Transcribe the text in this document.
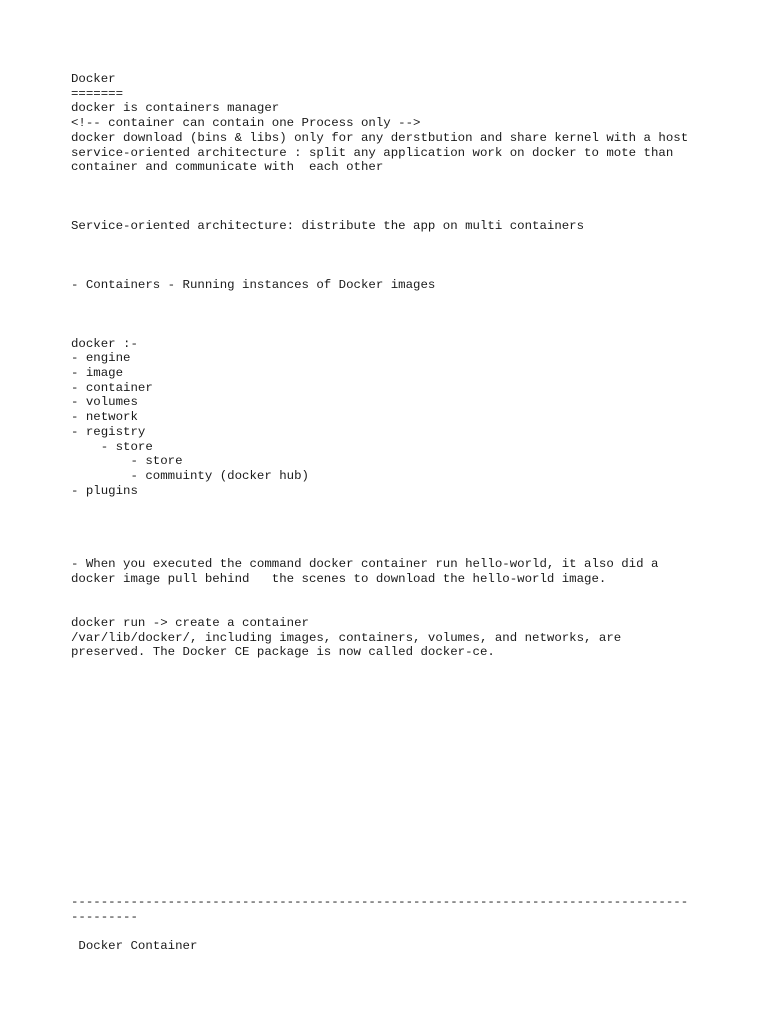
Docker
=======
docker is containers manager
<!-- container can contain one Process only -->
docker download (bins & libs) only for any derstbution and share kernel with a host
service-oriented architecture : split any application work on docker to mote than
container and communicate with  each other

Service-oriented architecture: distribute the app on multi containers

- Containers - Running instances of Docker images

docker :-
- engine
- image
- container
- volumes
- network
- registry
- store
- store
- commuinty (docker hub)
- plugins

- When you executed the command docker container run hello-world, it also did a
docker image pull behind   the scenes to download the hello-world image.

docker run -> create a container
/var/lib/docker/, including images, containers, volumes, and networks, are
preserved. The Docker CE package is now called docker-ce.

-----------------------------------------------------------------------------------
---------

Docker Container
